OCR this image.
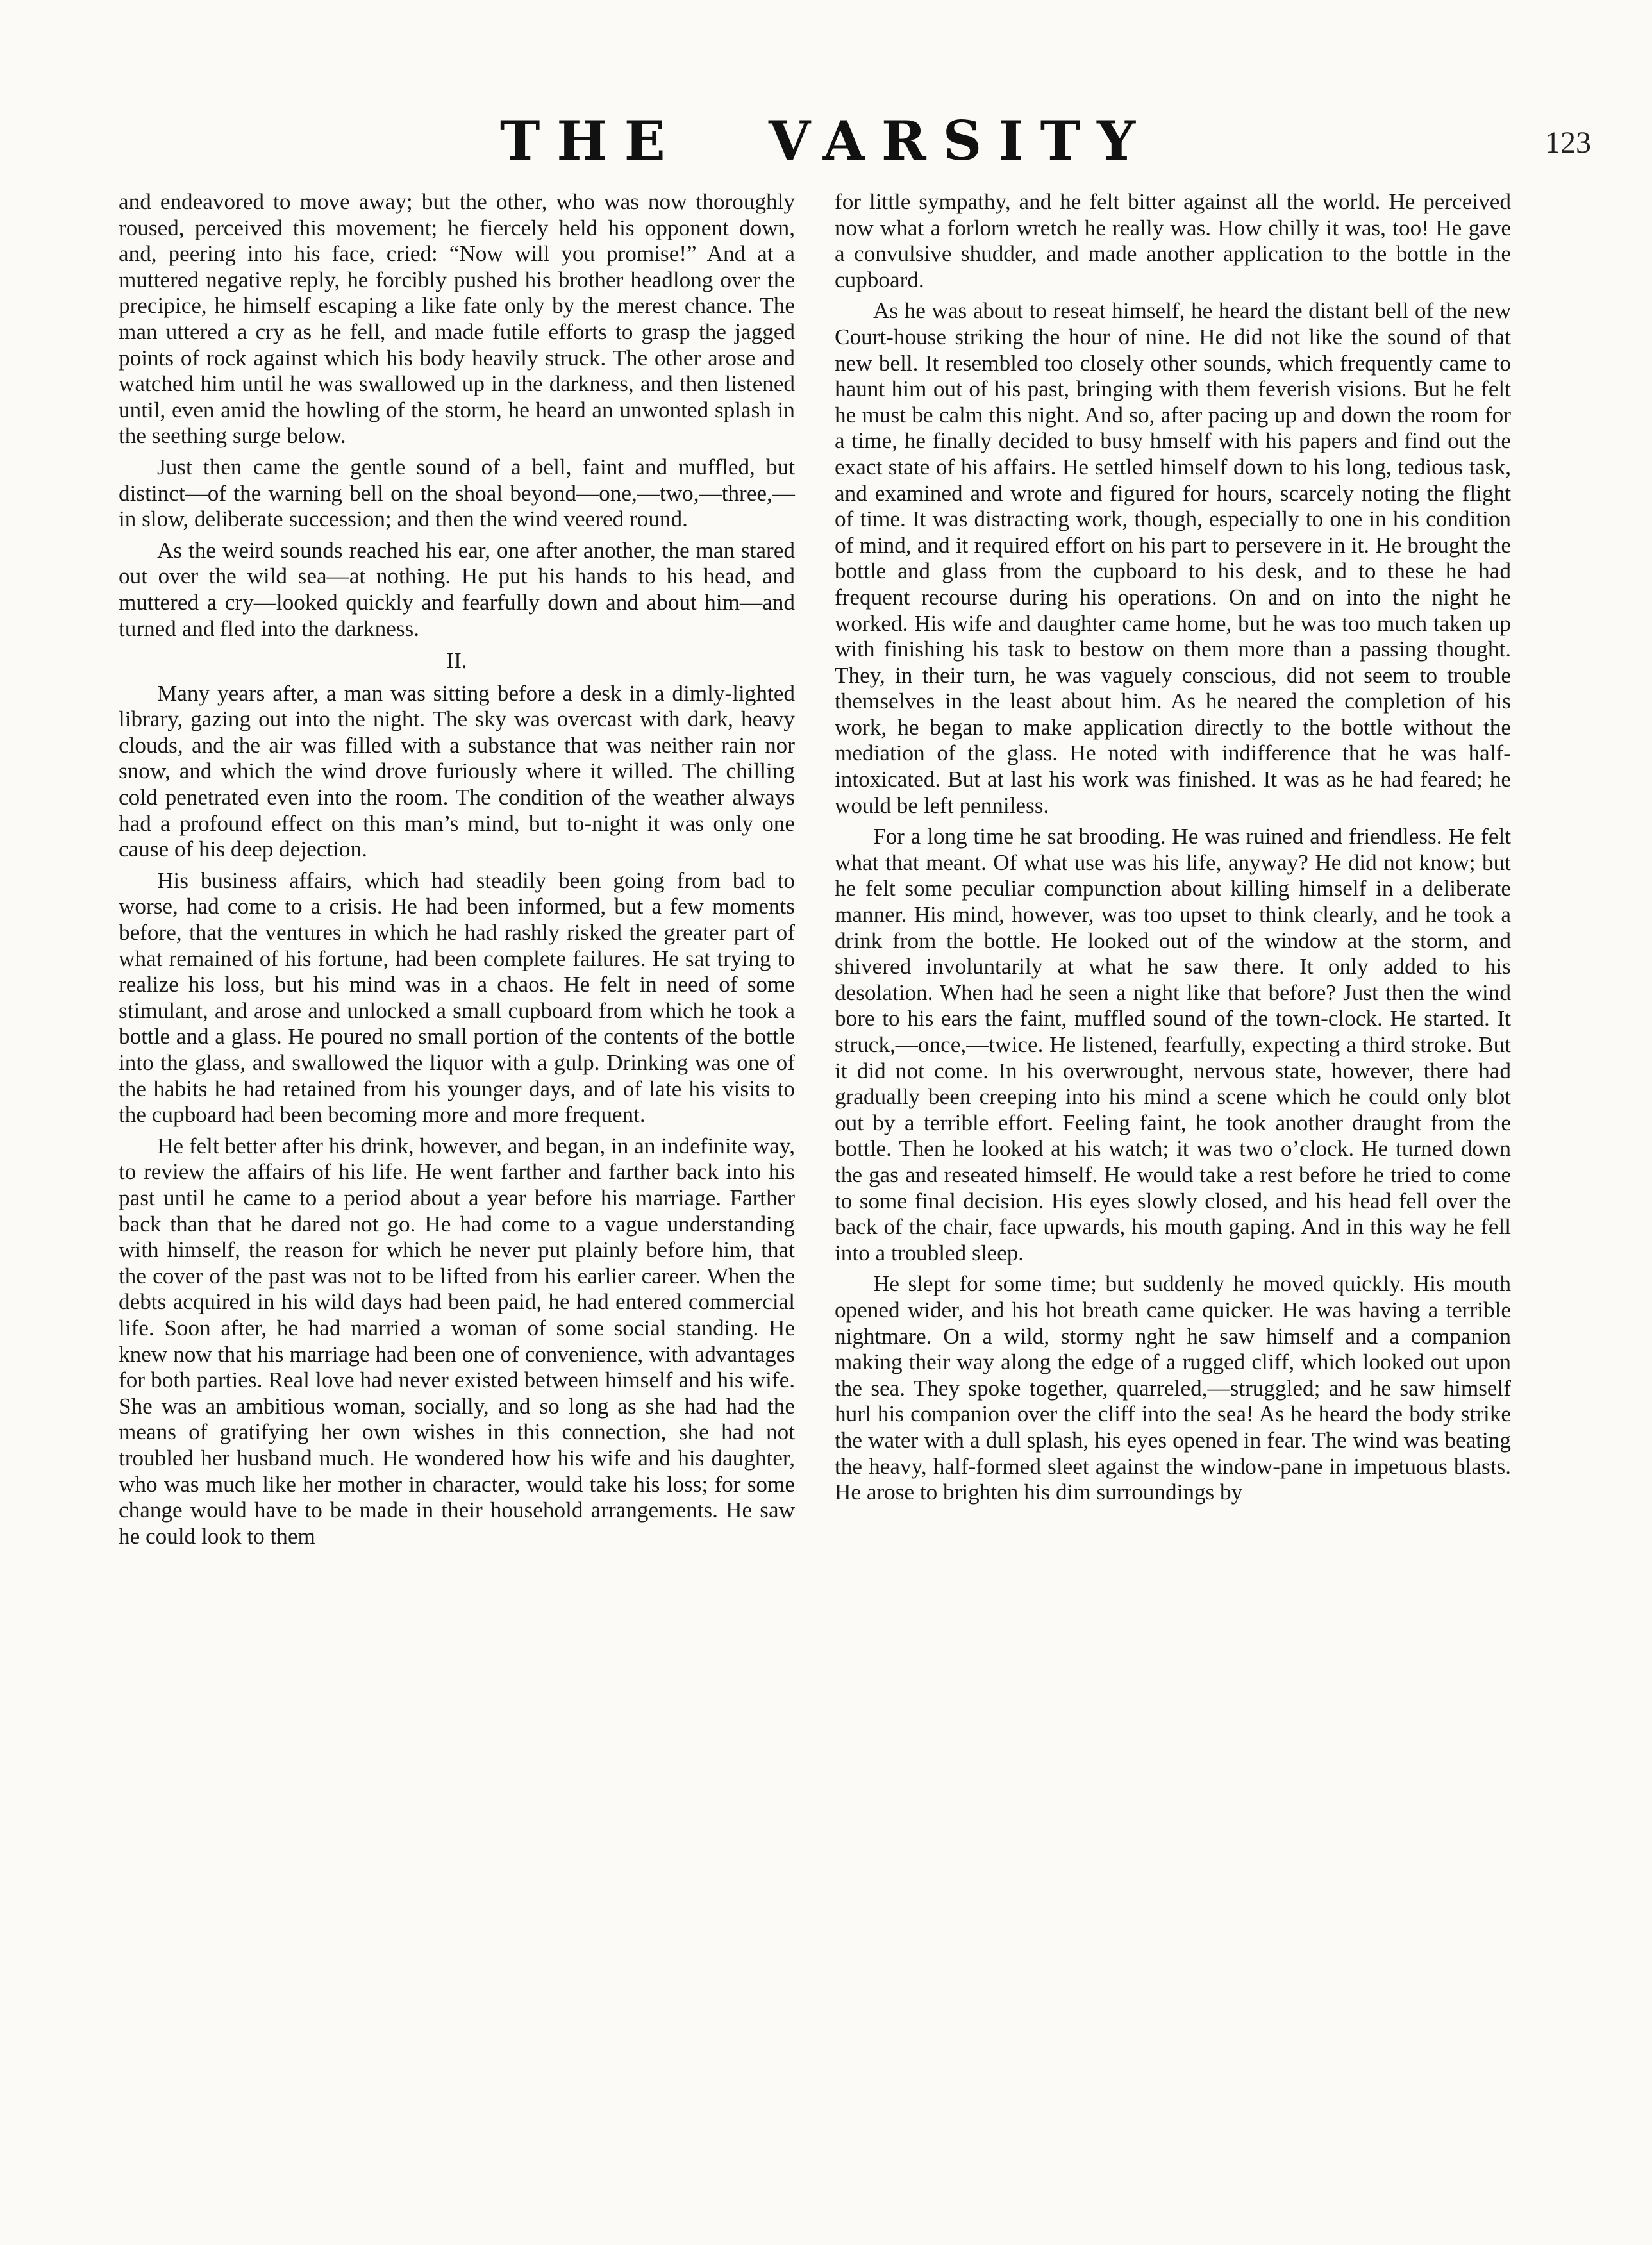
THE VARSITY	123

and endeavored to move away; but the other, who was now thoroughly roused, perceived this movement; he fiercely held his opponent down, and, peering into his face, cried: “Now will you promise!” And at a muttered negative reply, he forcibly pushed his brother headlong over the precipice, he himself escaping a like fate only by the merest chance. The man uttered a cry as he fell, and made futile efforts to grasp the jagged points of rock against which his body heavily struck. The other arose and watched him until he was swallowed up in the darkness, and then listened until, even amid the howling of the storm, he heard an unwonted splash in the seething surge below.

Just then came the gentle sound of a bell, faint and muffled, but distinct—of the warning bell on the shoal beyond—one,—two,—three,— in slow, deliberate succession; and then the wind veered round.

As the weird sounds reached his ear, one after another, the man stared out over the wild sea—at nothing. He put his hands to his head, and muttered a cry—looked quickly and fearfully down and about him—and turned and fled into the darkness.

II.

Many years after, a man was sitting before a desk in a dimly-lighted library, gazing out into the night. The sky was overcast with dark, heavy clouds, and the air was filled with a substance that was neither rain nor snow, and which the wind drove furiously where it willed. The chilling cold penetrated even into the room. The condition of the weather always had a profound effect on this man’s mind, but to-night it was only one cause of his deep dejection.

His business affairs, which had steadily been going from bad to worse, had come to a crisis. He had been informed, but a few moments before, that the ventures in which he had rashly risked the greater part of what remained of his fortune, had been complete failures. He sat trying to realize his loss, but his mind was in a chaos. He felt in need of some stimulant, and arose and unlocked a small cupboard from which he took a bottle and a glass. He poured no small portion of the contents of the bottle into the glass, and swallowed the liquor with a gulp. Drinking was one of the habits he had retained from his younger days, and of late his visits to the cupboard had been becoming more and more frequent.

He felt better after his drink, however, and began, in an indefinite way, to review the affairs of his life. He went farther and farther back into his past until he came to a period about a year before his marriage. Farther back than that he dared not go. He had come to a vague understanding with himself, the reason for which he never put plainly before him, that the cover of the past was not to be lifted from his earlier career. When the debts acquired in his wild days had been paid, he had entered commercial life. Soon after, he had married a woman of some social standing. He knew now that his marriage had been one of convenience, with advantages for both parties. Real love had never existed between himself and his wife. She was an ambitious woman, socially, and so long as she had had the means of gratifying her own wishes in this connection, she had not troubled her husband much. He wondered how his wife and his daughter, who was much like her mother in character, would take his loss; for some change would have to be made in their household arrangements. He saw he could look to them

for little sympathy, and he felt bitter against all the world. He perceived now what a forlorn wretch he really was. How chilly it was, too! He gave a convulsive shudder, and made another application to the bottle in the cupboard.

As he was about to reseat himself, he heard the distant bell of the new Court-house striking the hour of nine. He did not like the sound of that new bell. It resembled too closely other sounds, which frequently came to haunt him out of his past, bringing with them feverish visions. But he felt he must be calm this night. And so, after pacing up and down the room for a time, he finally decided to busy hmself with his papers and find out the exact state of his affairs. He settled himself down to his long, tedious task, and examined and wrote and figured for hours, scarcely noting the flight of time. It was distracting work, though, especially to one in his condition of mind, and it required effort on his part to persevere in it. He brought the bottle and glass from the cupboard to his desk, and to these he had frequent recourse during his operations. On and on into the night he worked. His wife and daughter came home, but he was too much taken up with finishing his task to bestow on them more than a passing thought. They, in their turn, he was vaguely conscious, did not seem to trouble themselves in the least about him. As he neared the completion of his work, he began to make application directly to the bottle without the mediation of the glass. He noted with indifference that he was half-intoxicated. But at last his work was finished. It was as he had feared; he would be left penniless.

For a long time he sat brooding. He was ruined and friendless. He felt what that meant. Of what use was his life, anyway? He did not know; but he felt some peculiar compunction about killing himself in a deliberate manner. His mind, however, was too upset to think clearly, and he took a drink from the bottle. He looked out of the window at the storm, and shivered involuntarily at what he saw there. It only added to his desolation. When had he seen a night like that before? Just then the wind bore to his ears the faint, muffled sound of the town-clock. He started. It struck,—once,—twice. He listened, fearfully, expecting a third stroke. But it did not come. In his overwrought, nervous state, however, there had gradually been creeping into his mind a scene which he could only blot out by a terrible effort. Feeling faint, he took another draught from the bottle. Then he looked at his watch; it was two o’clock. He turned down the gas and reseated himself. He would take a rest before he tried to come to some final decision. His eyes slowly closed, and his head fell over the back of the chair, face upwards, his mouth gaping. And in this way he fell into a troubled sleep.

He slept for some time; but suddenly he moved quickly. His mouth opened wider, and his hot breath came quicker. He was having a terrible nightmare. On a wild, stormy nght he saw himself and a companion making their way along the edge of a rugged cliff, which looked out upon the sea. They spoke together, quarreled,—struggled; and he saw himself hurl his companion over the cliff into the sea! As he heard the body strike the water with a dull splash, his eyes opened in fear. The wind was beating the heavy, half-formed sleet against the window-pane in impetuous blasts. He arose to brighten his dim surroundings by
